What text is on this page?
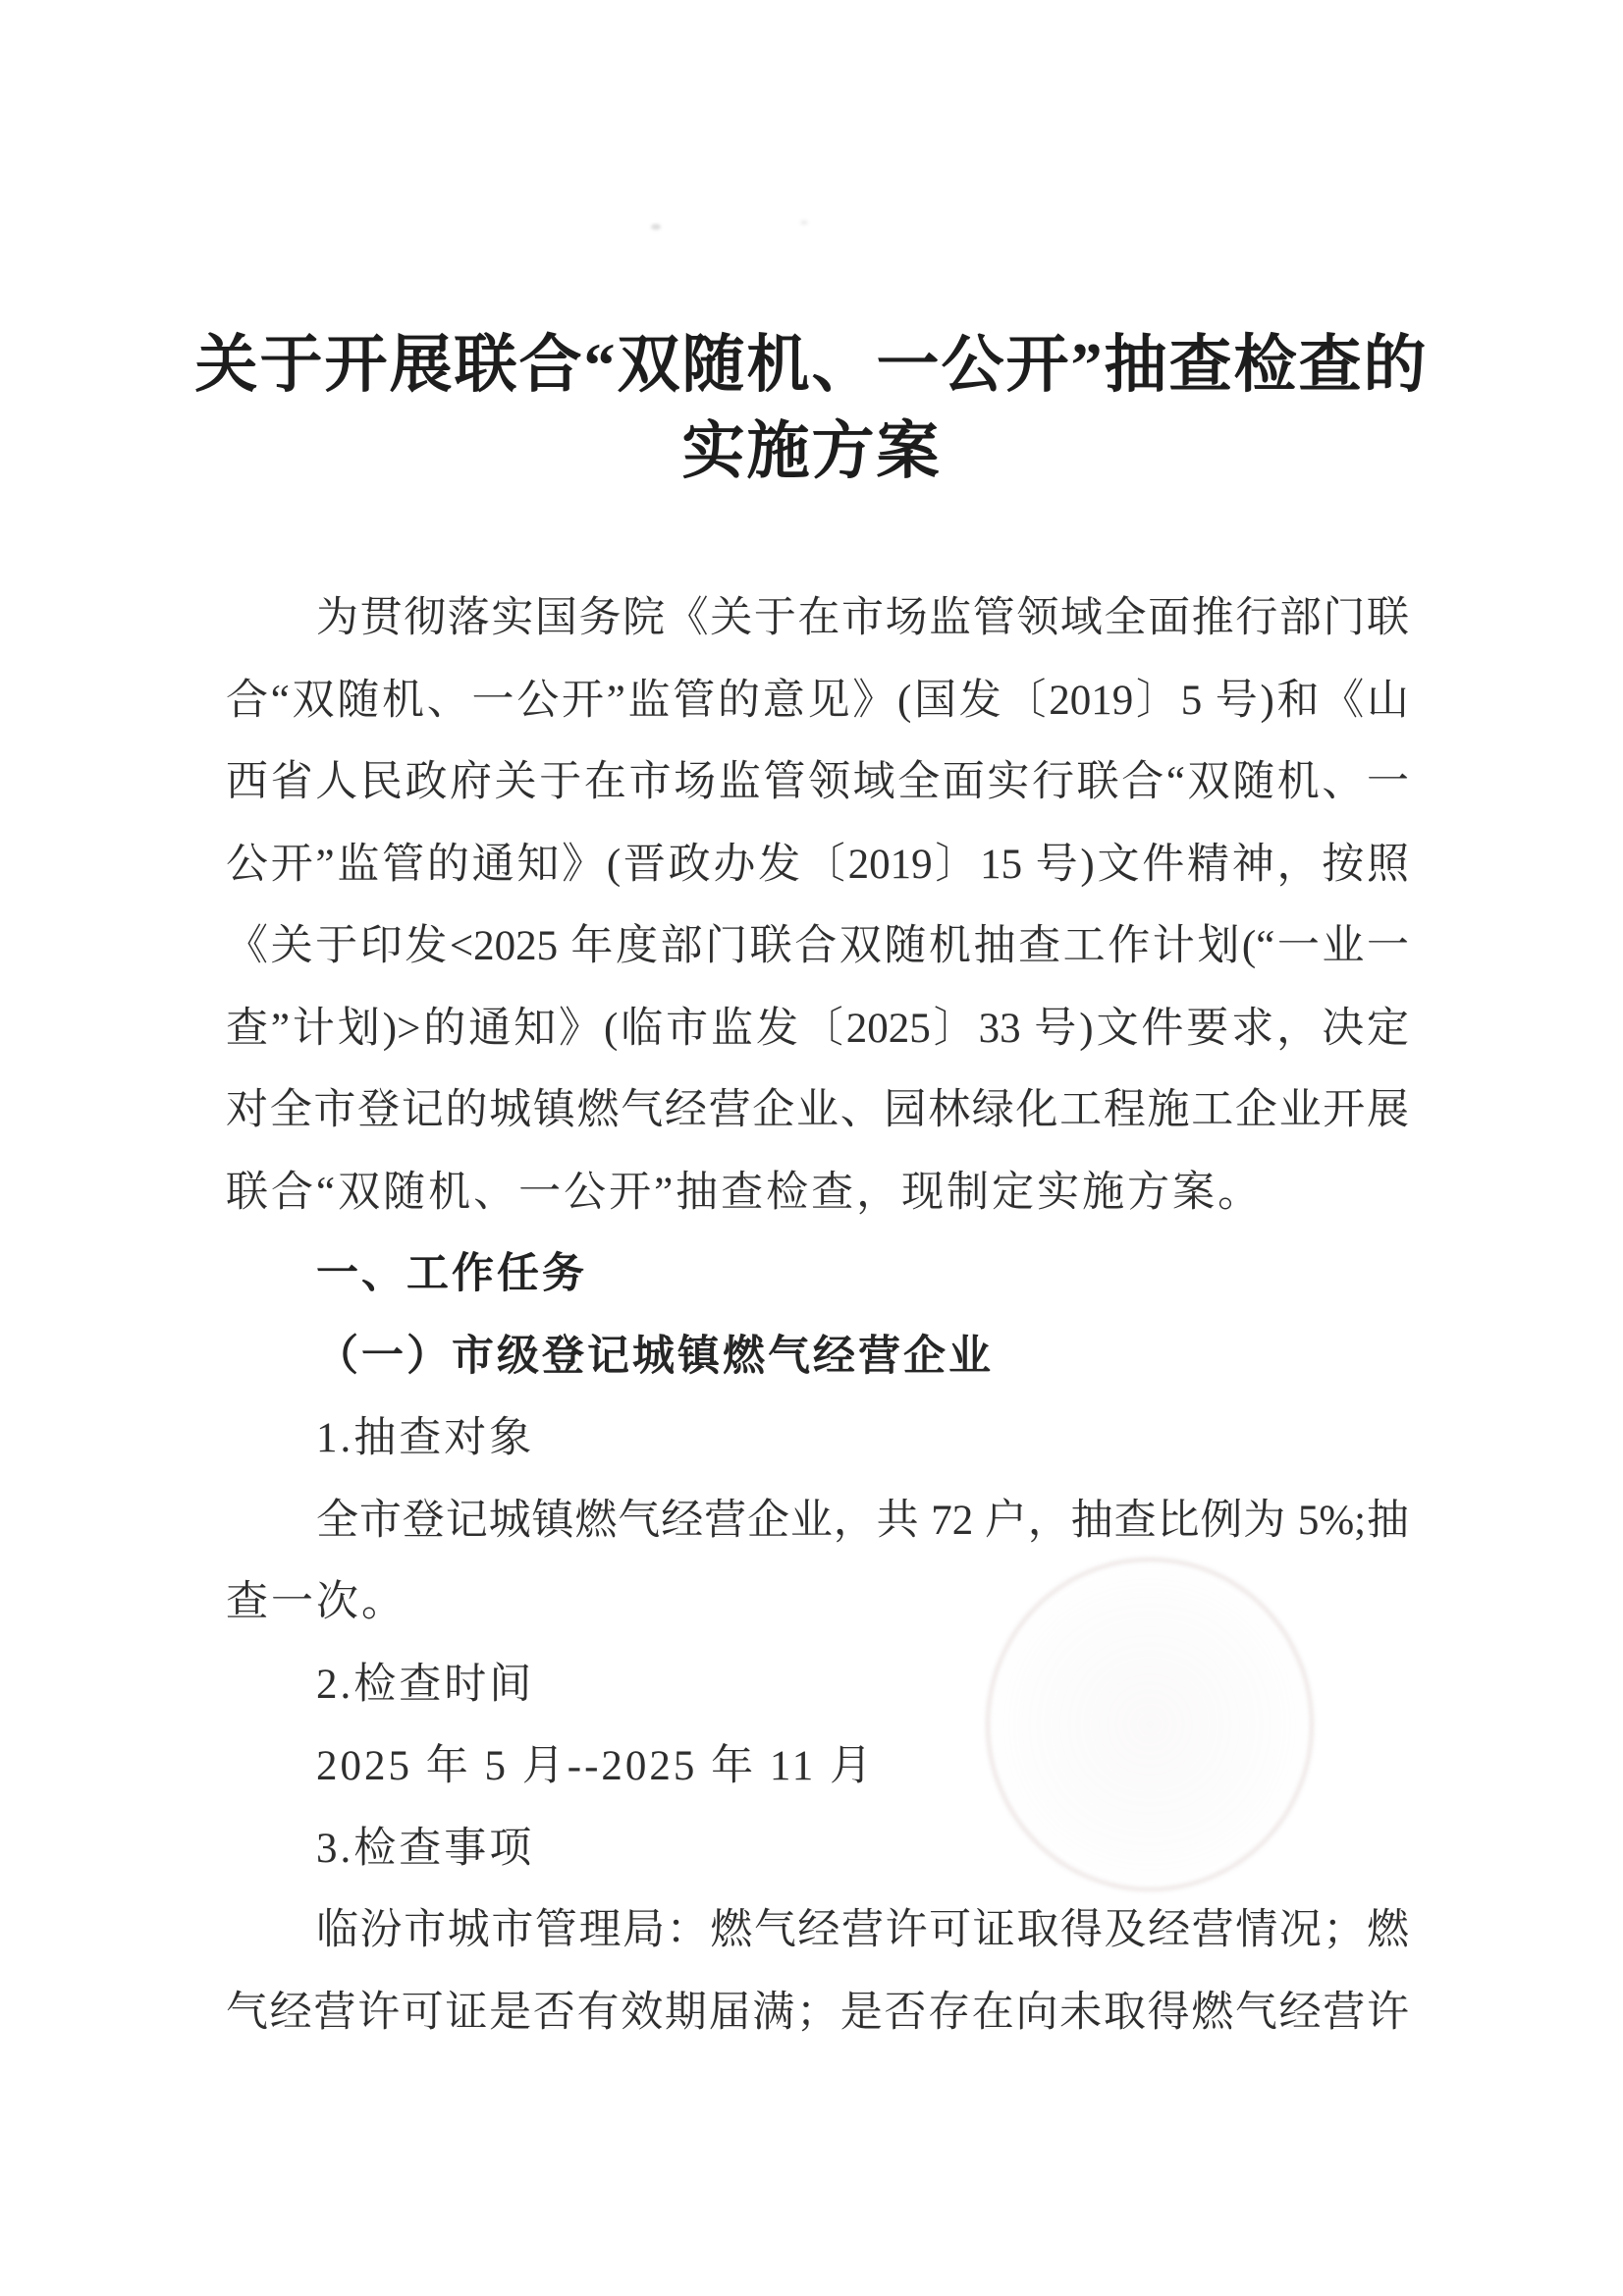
关于开展联合“双随机、一公开”抽查检查的
实施方案
为贯彻落实国务院《关于在市场监管领域全面推行部门联
合“双随机、一公开”监管的意见》(国发〔2019〕5 号)和《山
西省人民政府关于在市场监管领域全面实行联合“双随机、一
公开”监管的通知》(晋政办发〔2019〕15 号)文件精神，按照
《关于印发<2025 年度部门联合双随机抽查工作计划(“一业一
查”计划)>的通知》(临市监发〔2025〕33 号)文件要求，决定
对全市登记的城镇燃气经营企业、园林绿化工程施工企业开展
联合“双随机、一公开”抽查检查，现制定实施方案。
一、工作任务
（一）市级登记城镇燃气经营企业
1.抽查对象
全市登记城镇燃气经营企业，共 72 户，抽查比例为 5%;抽
查一次。
2.检查时间
2025 年 5 月--2025 年 11 月
3.检查事项
临汾市城市管理局：燃气经营许可证取得及经营情况；燃
气经营许可证是否有效期届满；是否存在向未取得燃气经营许
